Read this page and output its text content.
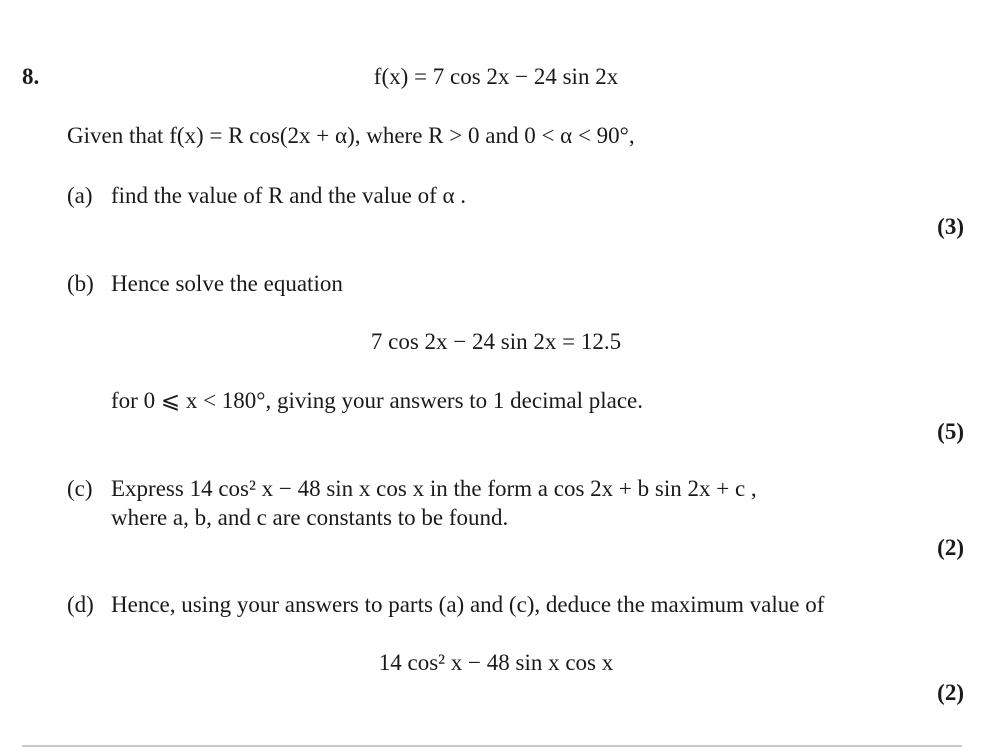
8.	f(x) = 7 cos 2x − 24 sin 2x
Given that f(x) = R cos(2x + α), where R > 0 and 0 < α < 90°,
(a) find the value of R and the value of α .
(3)
(b) Hence solve the equation
7 cos 2x − 24 sin 2x = 12.5
for 0 ⩽ x < 180°, giving your answers to 1 decimal place.
(5)
(c) Express 14 cos² x − 48 sin x cos x in the form a cos 2x + b sin 2x + c ,
where a, b, and c are constants to be found.
(2)
(d) Hence, using your answers to parts (a) and (c), deduce the maximum value of
14 cos² x − 48 sin x cos x
(2)
